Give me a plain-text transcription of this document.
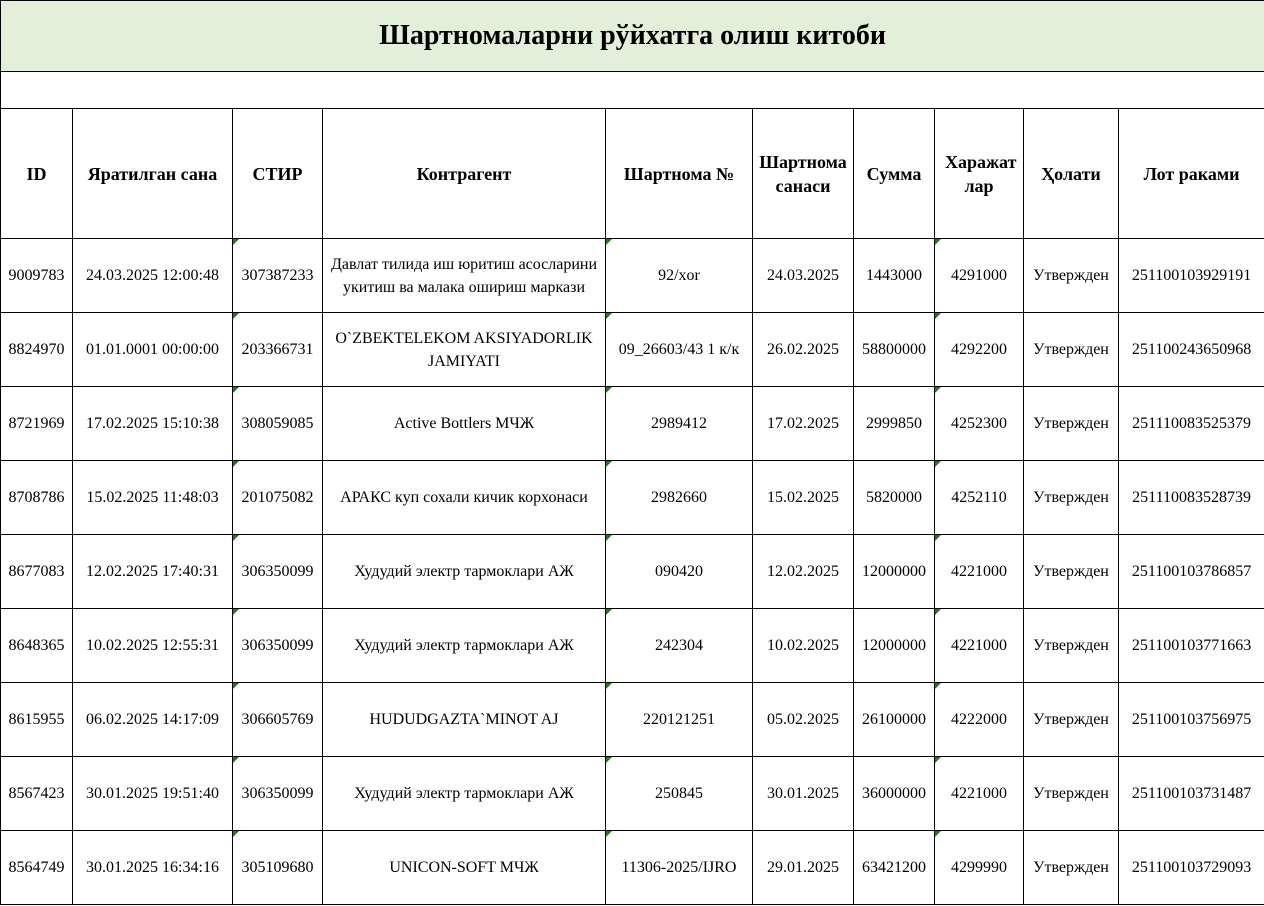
Шартномаларни рўйхатга олиш китоби									

ID	Яратилган сана	СТИР	Контрагент	Шартнома №	Шартнома санаси	Сумма	Харажат лар	Ҳолати	Лот раками
9009783	24.03.2025 12:00:48	307387233	Давлат тилида иш юритиш асосларини укитиш ва малака ошириш маркази	92/xor	24.03.2025	1443000	4291000	Утвержден	251100103929191
8824970	01.01.0001 00:00:00	203366731	O`ZBEKTELEKOM AKSIYADORLIK JAMIYATI	09_26603/43 1 к/к	26.02.2025	58800000	4292200	Утвержден	251100243650968
8721969	17.02.2025 15:10:38	308059085	Active Bottlers МЧЖ	2989412	17.02.2025	2999850	4252300	Утвержден	251110083525379
8708786	15.02.2025 11:48:03	201075082	АРАКС куп сохали кичик корхонаси	2982660	15.02.2025	5820000	4252110	Утвержден	251110083528739
8677083	12.02.2025 17:40:31	306350099	Худудий электр тармоклари АЖ	090420	12.02.2025	12000000	4221000	Утвержден	251100103786857
8648365	10.02.2025 12:55:31	306350099	Худудий электр тармоклари АЖ	242304	10.02.2025	12000000	4221000	Утвержден	251100103771663
8615955	06.02.2025 14:17:09	306605769	HUDUDGAZTA`MINOT AJ	220121251	05.02.2025	26100000	4222000	Утвержден	251100103756975
8567423	30.01.2025 19:51:40	306350099	Худудий электр тармоклари АЖ	250845	30.01.2025	36000000	4221000	Утвержден	251100103731487
8564749	30.01.2025 16:34:16	305109680	UNICON-SOFT МЧЖ	11306-2025/IJRO	29.01.2025	63421200	4299990	Утвержден	251100103729093
